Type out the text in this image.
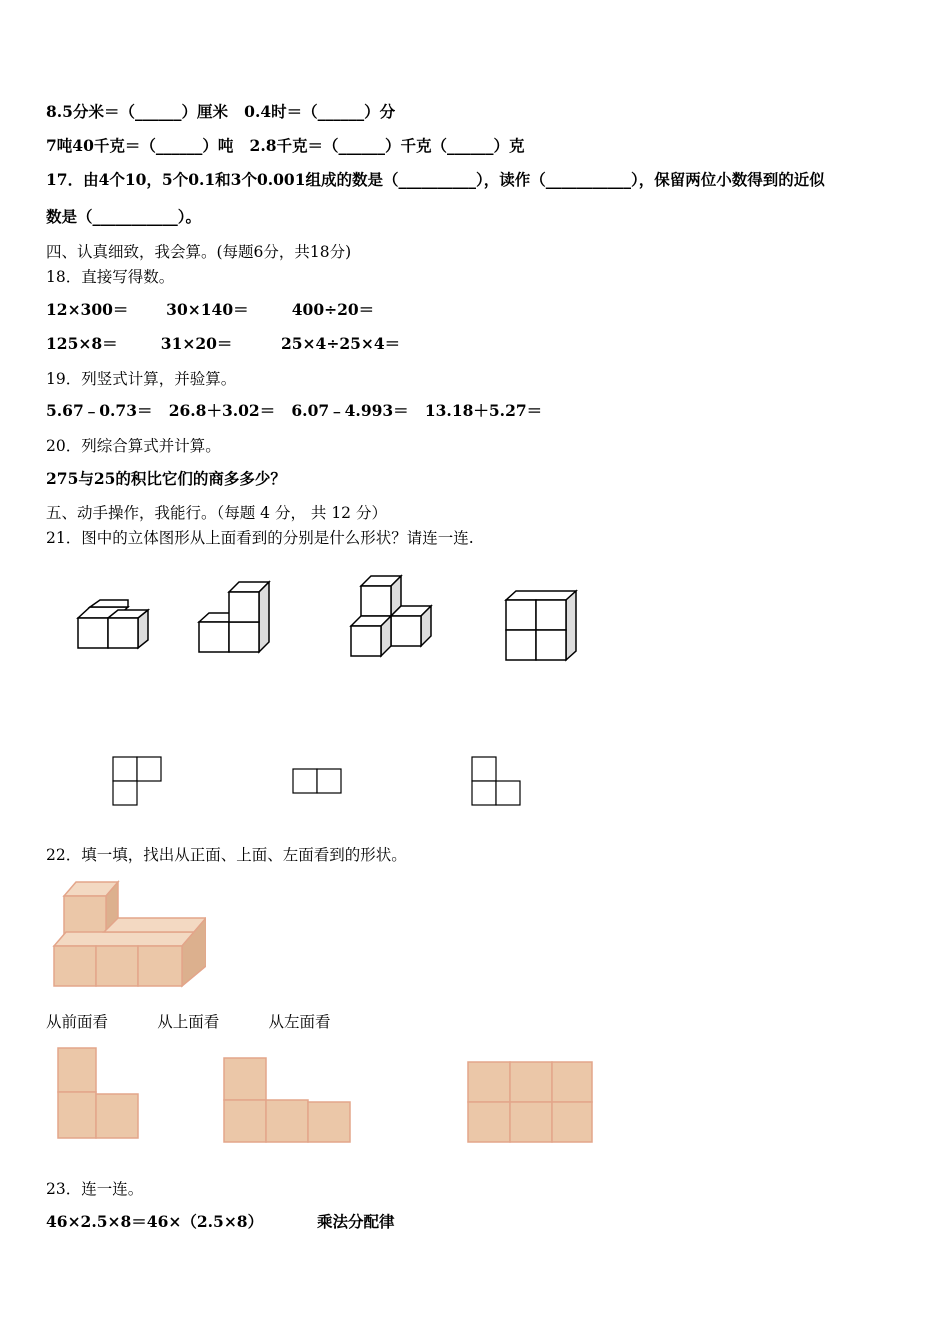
8.5分米＝（______）厘米   0.4时＝（______）分
7吨40千克＝（______）吨   2.8千克＝（______）千克（______）克
17．由4个10，5个0.1和3个0.001组成的数是（__________），读作（___________），保留两位小数得到的近似
数是（___________）。
四、认真细致，我会算。(每题6分，共18分)
18．直接写得数。
12×300＝       30×140＝        400÷20＝
125×8＝        31×20＝         25×4÷25×4＝
19．列竖式计算，并验算。
5.67﹣0.73＝   26.8＋3.02＝   6.07﹣4.993＝   13.18＋5.27＝
20．列综合算式并计算。
275与25的积比它们的商多多少？
五、动手操作，我能行。（每题 4 分， 共 12 分）
21．图中的立体图形从上面看到的分别是什么形状？请连一连.
22．填一填，找出从正面、上面、左面看到的形状。
从前面看          从上面看          从左面看
23．连一连。
46×2.5×8＝46×（2.5×8）          乘法分配律
